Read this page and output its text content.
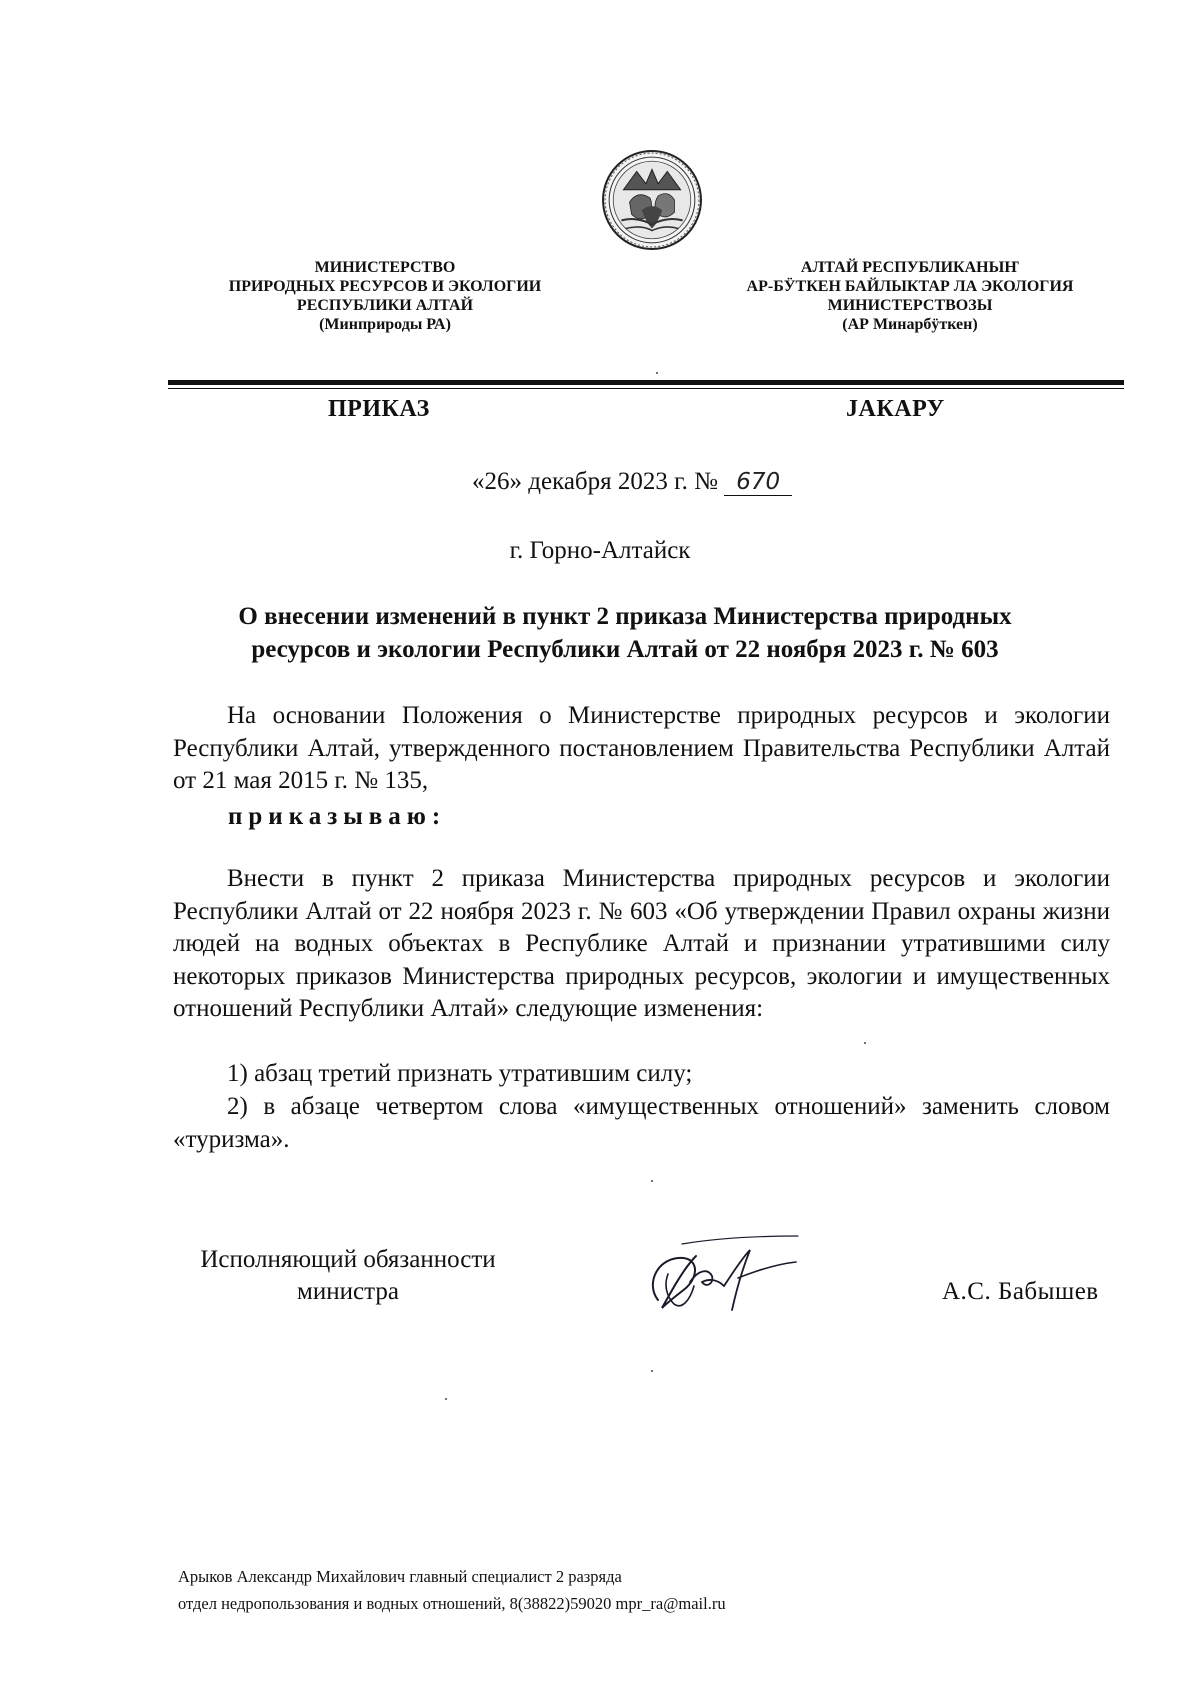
МИНИСТЕРСТВО
ПРИРОДНЫХ РЕСУРСОВ И ЭКОЛОГИИ
РЕСПУБЛИКИ АЛТАЙ
(Минприроды РА)
АЛТАЙ РЕСПУБЛИКАНЫҤ
АР-БӰТКЕН БАЙЛЫКТАР ЛА ЭКОЛОГИЯ
МИНИСТЕРСТВОЗЫ
(АР Минарбӱткен)
ПРИКАЗ	JАКАРУ
«26» декабря 2023 г. № 670
г. Горно-Алтайск
О внесении изменений в пункт 2 приказа Министерства природных
ресурсов и экологии Республики Алтай от 22 ноября 2023 г. № 603
На основании Положения о Министерстве природных ресурсов и экологии Республики Алтай, утвержденного постановлением Правительства Республики Алтай от 21 мая 2015 г. № 135,
приказываю:
Внести в пункт 2 приказа Министерства природных ресурсов и экологии Республики Алтай от 22 ноября 2023 г. № 603 «Об утверждении Правил охраны жизни людей на водных объектах в Республике Алтай и признании утратившими силу некоторых приказов Министерства природных ресурсов, экологии и имущественных отношений Республики Алтай» следующие изменения:
1) абзац третий признать утратившим силу;
2) в абзаце четвертом слова «имущественных отношений» заменить словом «туризма».
Исполняющий обязанности
министра	А.С. Бабышев
Арыков Александр Михайлович главный специалист 2 разряда
отдел недропользования и водных отношений, 8(38822)59020 mpr_ra@mail.ru
